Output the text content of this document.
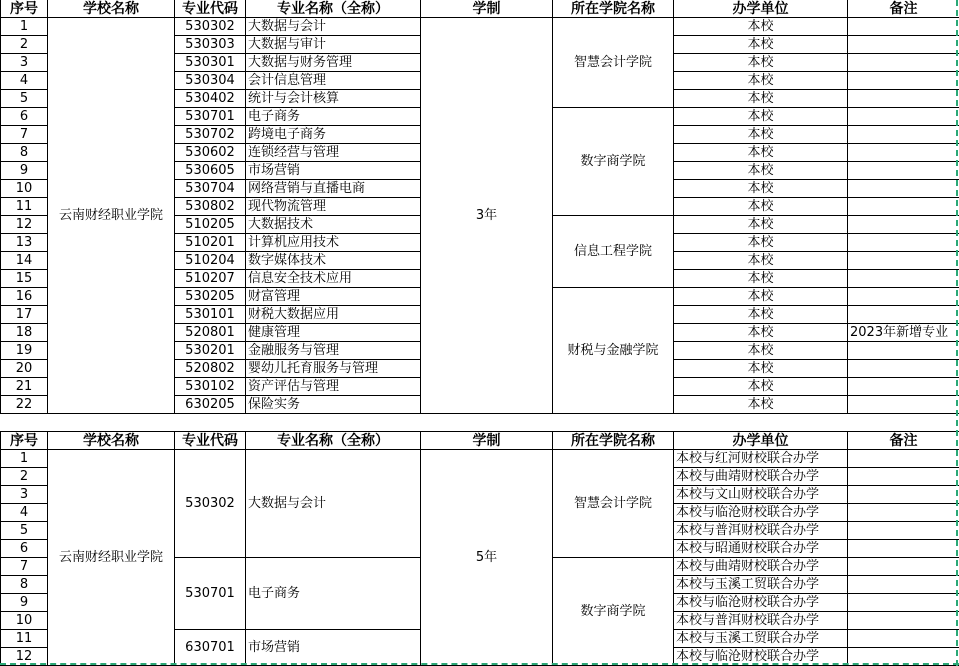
序号	学校名称	专业代码	专业名称（全称）	学制	所在学院名称	办学单位	备注
1	云南财经职业学院	530302	大数据与会计	3年	智慧会计学院	本校	
2		530303	大数据与审计			本校	
3		530301	大数据与财务管理			本校	
4		530304	会计信息管理			本校	
5		530402	统计与会计核算			本校	
6		530701	电子商务		数字商学院	本校	
7		530702	跨境电子商务			本校	
8		530602	连锁经营与管理			本校	
9		530605	市场营销			本校	
10		530704	网络营销与直播电商			本校	
11		530802	现代物流管理			本校	
12		510205	大数据技术		信息工程学院	本校	
13		510201	计算机应用技术			本校	
14		510204	数字媒体技术			本校	
15		510207	信息安全技术应用			本校	
16		530205	财富管理		财税与金融学院	本校	
17		530101	财税大数据应用			本校	
18		520801	健康管理			本校	2023年新增专业
19		530201	金融服务与管理			本校	
20		520802	婴幼儿托育服务与管理			本校	
21		530102	资产评估与管理			本校	
22		630205	保险实务			本校	
序号	学校名称	专业代码	专业名称（全称）	学制	所在学院名称	办学单位	备注
1	云南财经职业学院	530302	大数据与会计	5年	智慧会计学院	本校与红河财校联合办学	
2						本校与曲靖财校联合办学	
3						本校与文山财校联合办学	
4						本校与临沧财校联合办学	
5						本校与普洱财校联合办学	
6						本校与昭通财校联合办学	
7		530701	电子商务		数字商学院	本校与曲靖财校联合办学	
8						本校与玉溪工贸联合办学	
9						本校与临沧财校联合办学	
10						本校与普洱财校联合办学	
11		630701	市场营销			本校与玉溪工贸联合办学	
12						本校与临沧财校联合办学	
